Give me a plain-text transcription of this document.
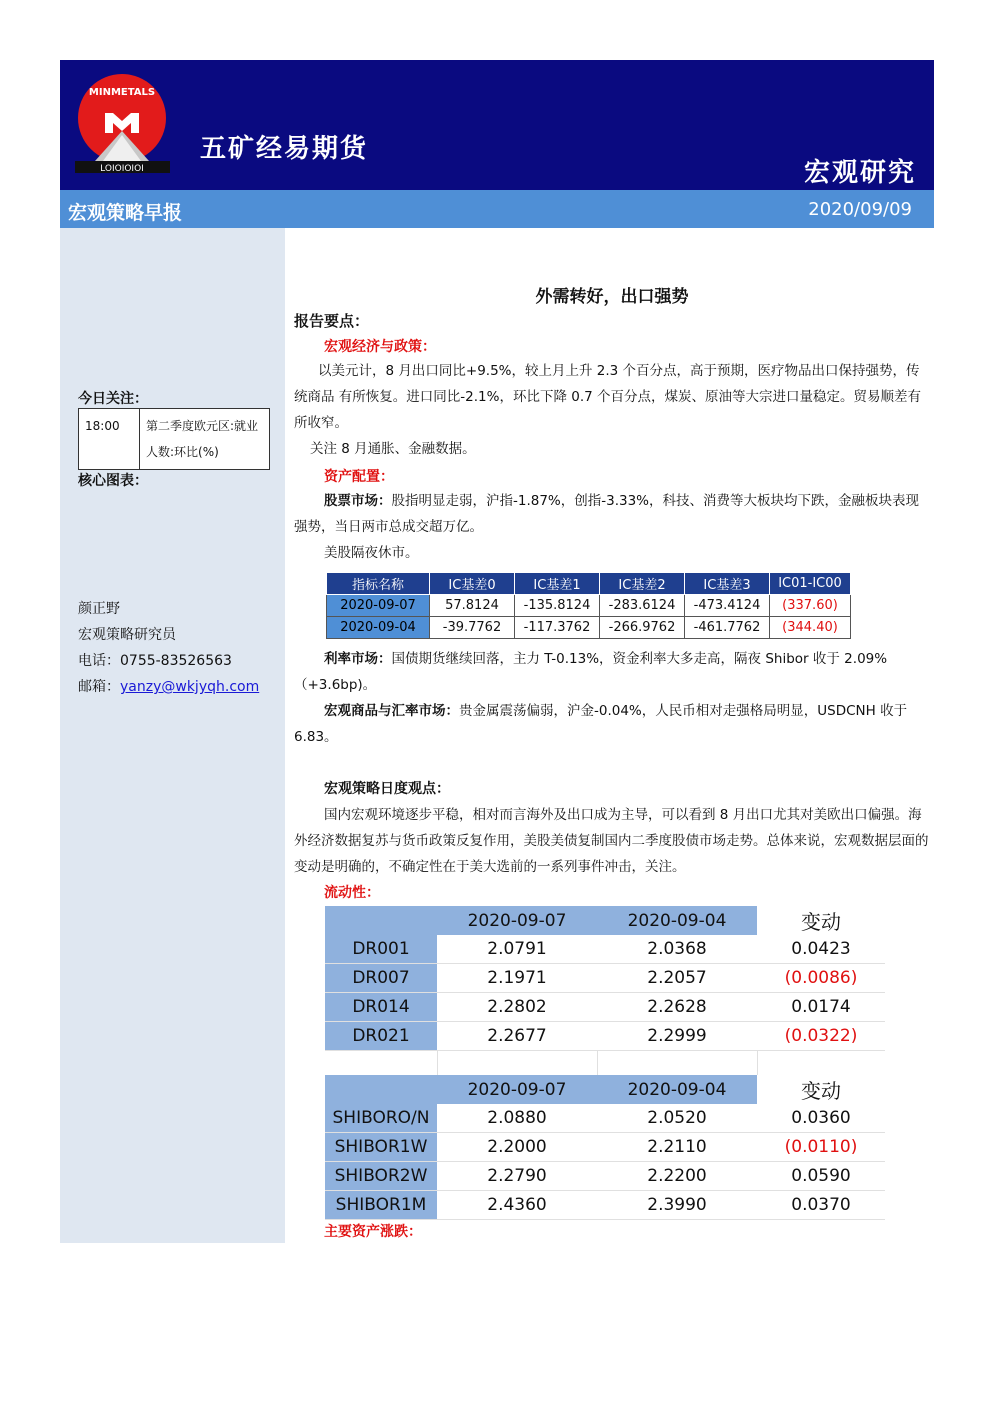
MINMETALS
LOIOIOIOI
五矿经易期货
宏观研究
宏观策略早报	2020/09/09
今日关注：
18:00	第二季度欧元区:就业人数:环比(%)
核心图表：
颜正野
宏观策略研究员
电话：0755-83526563
邮箱：yanzy@wkjyqh.com
外需转好，出口强势
报告要点：
宏观经济与政策：
以美元计，8 月出口同比+9.5%，较上月上升 2.3 个百分点，高于预期，医疗物品出口保持强势，传统商品 有所恢复。进口同比-2.1%，环比下降 0.7 个百分点，煤炭、原油等大宗进口量稳定。贸易顺差有所收窄。
关注 8 月通胀、金融数据。
资产配置：
股票市场：股指明显走弱，沪指-1.87%，创指-3.33%，科技、消费等大板块均下跌，金融板块表现强势，当日两市总成交超万亿。
美股隔夜休市。
指标名称	IC基差0	IC基差1	IC基差2	IC基差3	IC01-IC00
2020-09-07	57.8124	-135.8124	-283.6124	-473.4124	(337.60)
2020-09-04	-39.7762	-117.3762	-266.9762	-461.7762	(344.40)
利率市场：国债期货继续回落，主力 T-0.13%，资金利率大多走高，隔夜 Shibor 收于 2.09%（+3.6bp)。
宏观商品与汇率市场：贵金属震荡偏弱，沪金-0.04%，人民币相对走强格局明显，USDCNH 收于 6.83。
宏观策略日度观点：
国内宏观环境逐步平稳，相对而言海外及出口成为主导，可以看到 8 月出口尤其对美欧出口偏强。海外经济数据复苏与货币政策反复作用，美股美债复制国内二季度股债市场走势。总体来说，宏观数据层面的变动是明确的，不确定性在于美大选前的一系列事件冲击，关注。
流动性：
	2020-09-07	2020-09-04	变动
DR001	2.0791	2.0368	0.0423
DR007	2.1971	2.2057	(0.0086)
DR014	2.2802	2.2628	0.0174
DR021	2.2677	2.2999	(0.0322)

	2020-09-07	2020-09-04	变动
SHIBORO/N	2.0880	2.0520	0.0360
SHIBOR1W	2.2000	2.2110	(0.0110)
SHIBOR2W	2.2790	2.2200	0.0590
SHIBOR1M	2.4360	2.3990	0.0370
主要资产涨跌：
